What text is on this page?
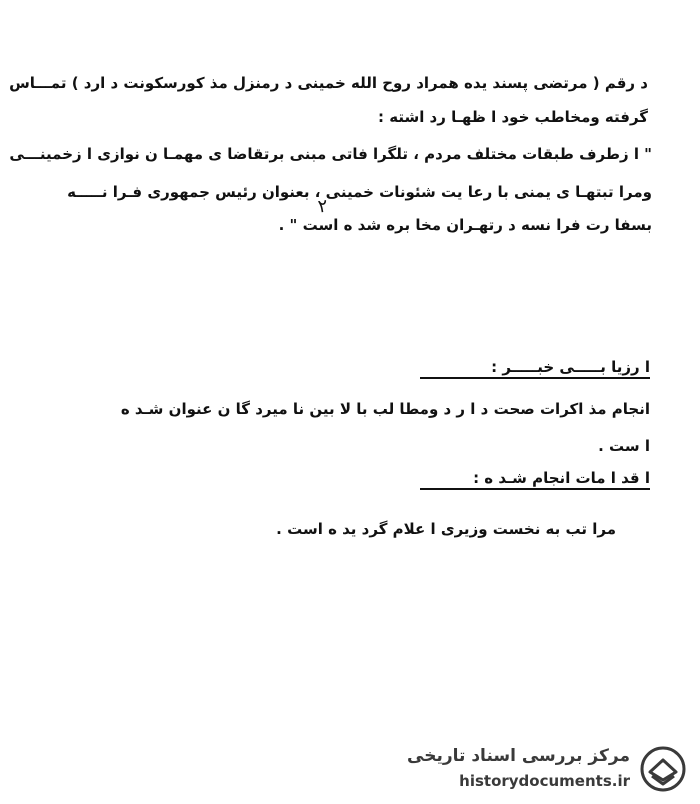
د رقم ( مرتضى پسند يده همراد روح الله خمينى د رمنزل مذ كورسكونت د ارد ) تمـــاس
گرفته ومخاطب خود ا ظهـا رد اشته :
" ا زطرف طبقات مختلف مردم ، تلگرا فاتى مبنى برتقاضا ى مهمـا ن نوازى ا زخمينـــى
ومرا تبتهـا ى يمنى با رعا يت شئونات خمينى ، بعنوان رئيس جمهورى فـرا نـــــه
بسفا رت فرا نسه د رتهـران مخا بره شد ه است " .
۲
ا رزيا بـــــى خبـــــر :
انجام مذ اكرات صحت د ا ر د ومطا لب با لا بين نا ميرد گا ن عنوان شـد ه
ا ست .
ا قد ا مات انجام شـد ه :
مرا تب به نخست وزيرى ا علام گرد يد ه است .
مرکز بررسی اسناد تاریخی
historydocuments.ir
